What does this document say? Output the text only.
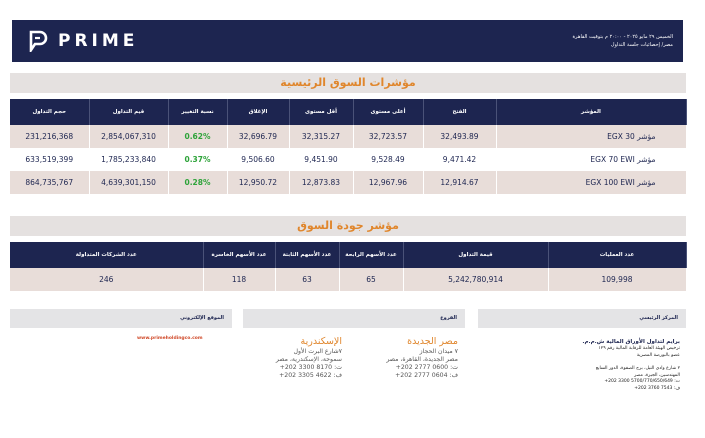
PRIME	الخميس ٢٩ مايو ٢٠٢٥ - ٢٠:٠٠ م بتوقيت القاهرة
مصر/ إحصائيات جلسة التداول
مؤشرات السوق الرئيسية
حجم التداول	قيم التداول	نسبة التغيير	الإغلاق	أقل مستوى	أعلى مستوى	الفتح	المؤشر
231,216,368	2,854,067,310	0.62%	32,696.79	32,315.27	32,723.57	32,493.89	مؤشر EGX 30
633,519,399	1,785,233,840	0.37%	9,506.60	9,451.90	9,528.49	9,471.42	مؤشر EGX 70 EWI
864,735,767	4,639,301,150	0.28%	12,950.72	12,873.83	12,967.96	12,914.67	مؤشر EGX 100 EWI
مؤشر جودة السوق
عدد الشركات المتداولة	عدد الأسهم الخاسرة	عدد الأسهم الثابتة	عدد الأسهم الرابحة	قيمة التداول	عدد العمليات
246	118	63	65	5,242,780,914	109,998
الموقع الإلكتروني	الفروع	المركز الرئيسي
www.primeholdingco.com	الإسكندرية
٧شارع البرت الأول
سموحة، الإسكندرية، مصر
ت: 8170 3300 202+
ف: 4622 3305 202+
مصر الجديدة
٧ ميدان الحجاز
مصر الجديدة، القاهرة، مصر
ت: 0600 2777 202+
ف: 0604 2777 202+
برايم لتداول الأوراق المالية ش.م.م.
ترخيص الهيئة العامة للرقابة المالية رقم ١٢٩
عضو بالبورصة المصرية
٢ شارع وادي النيل، برج الصفوة، الدور السابع
المهندسين، الجيزة، مصر
ت: 5700/770/650/649 3300 202+
ف: 7543 3760 202+
